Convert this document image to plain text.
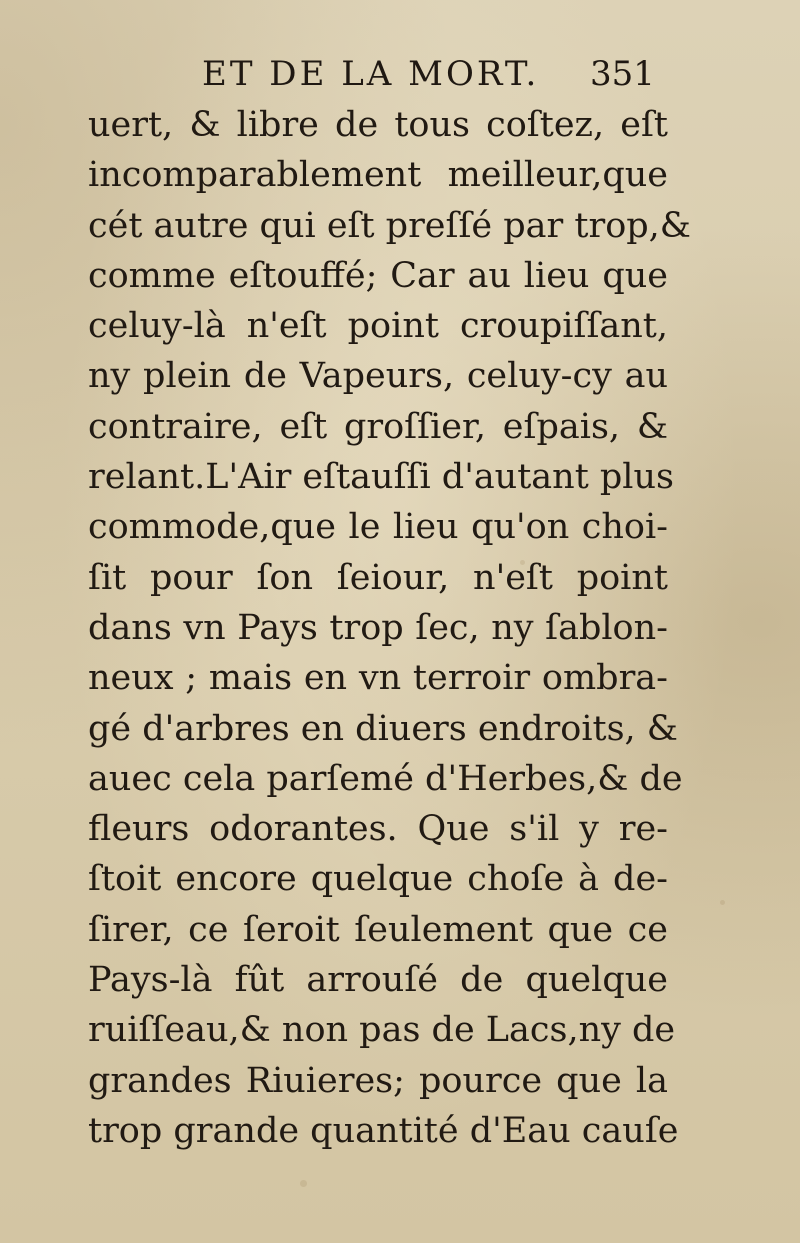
ET DE LA MORT. 351
uert, & libre de tous coſtez, eſt
incomparablement meilleur,que
cét autre qui eſt preſſé par trop,&
comme eſtouffé; Car au lieu que
celuy-là n'eſt point croupiſſant,
ny plein de Vapeurs, celuy-cy au
contraire, eſt groſſier, eſpais, &
relant.L'Air eſtauſſi d'autant plus
commode,que le lieu qu'on choi-
ſit pour ſon ſeiour, n'eſt point
dans vn Pays trop ſec, ny ſablon-
neux ; mais en vn terroir ombra-
gé d'arbres en diuers endroits, &
auec cela parſemé d'Herbes,& de
fleurs odorantes. Que s'il y re-
ſtoit encore quelque choſe à de-
ſirer, ce ſeroit ſeulement que ce
Pays-là fût arrouſé de quelque
ruiſſeau,& non pas de Lacs,ny de
grandes Riuieres; pource que la
trop grande quantité d'Eau cauſe
